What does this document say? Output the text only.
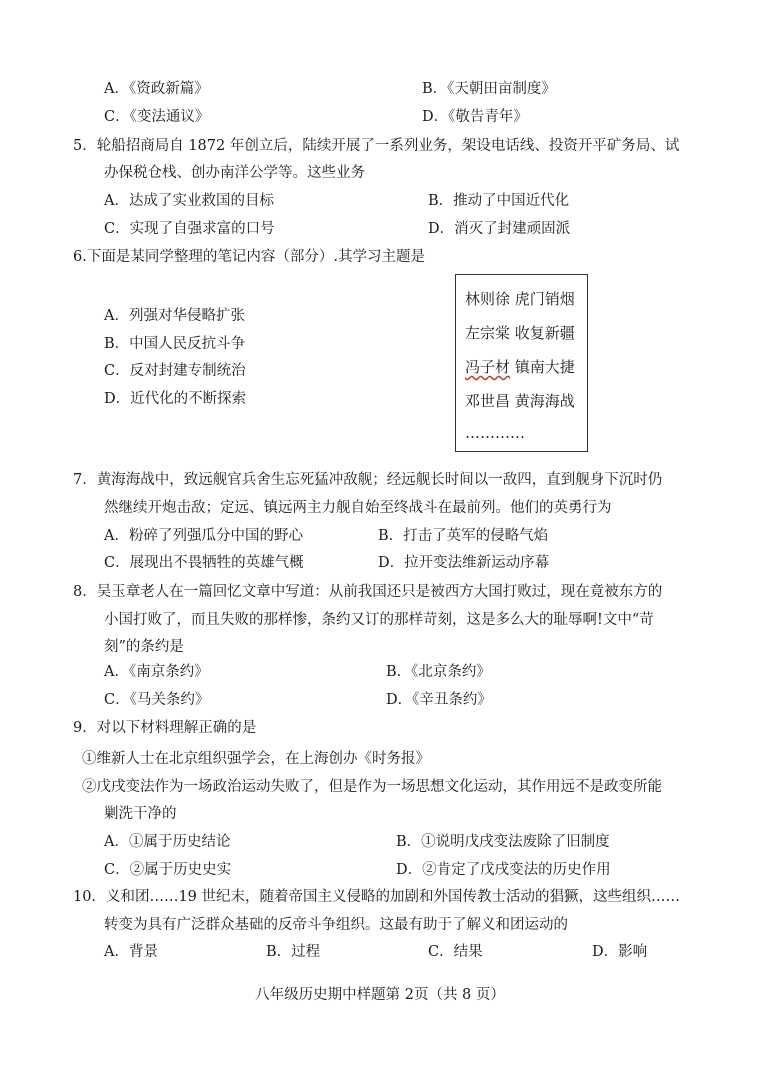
A．《资政新篇》	B．《天朝田亩制度》
C．《变法通议》	D．《敬告青年》
5．轮船招商局自 1872 年创立后，陆续开展了一系列业务，架设电话线、投资开平矿务局、试
办保税仓栈、创办南洋公学等。这些业务
A．达成了实业救国的目标	B．推动了中国近代化
C．实现了自强求富的口号	D．消灭了封建顽固派
6.下面是某同学整理的笔记内容（部分）.其学习主题是
A．列强对华侵略扩张
B．中国人民反抗斗争
C．反对封建专制统治
D．近代化的不断探索
林则徐 虎门销烟
左宗棠 收复新疆
冯子材 镇南大捷
邓世昌 黄海海战
…………
7．黄海海战中，致远舰官兵舍生忘死猛冲敌舰；经远舰长时间以一敌四，直到舰身下沉时仍
然继续开炮击敌；定远、镇远两主力舰自始至终战斗在最前列。他们的英勇行为
A．粉碎了列强瓜分中国的野心	B．打击了英军的侵略气焰
C．展现出不畏牺牲的英雄气概	D．拉开变法维新运动序幕
8．吴玉章老人在一篇回忆文章中写道：从前我国还只是被西方大国打败过，现在竟被东方的
小国打败了，而且失败的那样惨，条约又订的那样苛刻，这是多么大的耻辱啊!文中“苛
刻”的条约是
A．《南京条约》	B．《北京条约》
C．《马关条约》	D．《辛丑条约》
9．对以下材料理解正确的是
①维新人士在北京组织强学会，在上海创办《时务报》
②戊戌变法作为一场政治运动失败了，但是作为一场思想文化运动，其作用远不是政变所能
剿洗干净的
A．①属于历史结论	B．①说明戊戌变法废除了旧制度
C．②属于历史史实	D．②肯定了戊戌变法的历史作用
10．义和团……19 世纪末，随着帝国主义侵略的加剧和外国传教士活动的猖獗，这些组织……
转变为具有广泛群众基础的反帝斗争组织。这最有助于了解义和团运动的
A．背景	B．过程	C．结果	D．影响
八年级历史期中样题第 2页（共 8 页）
